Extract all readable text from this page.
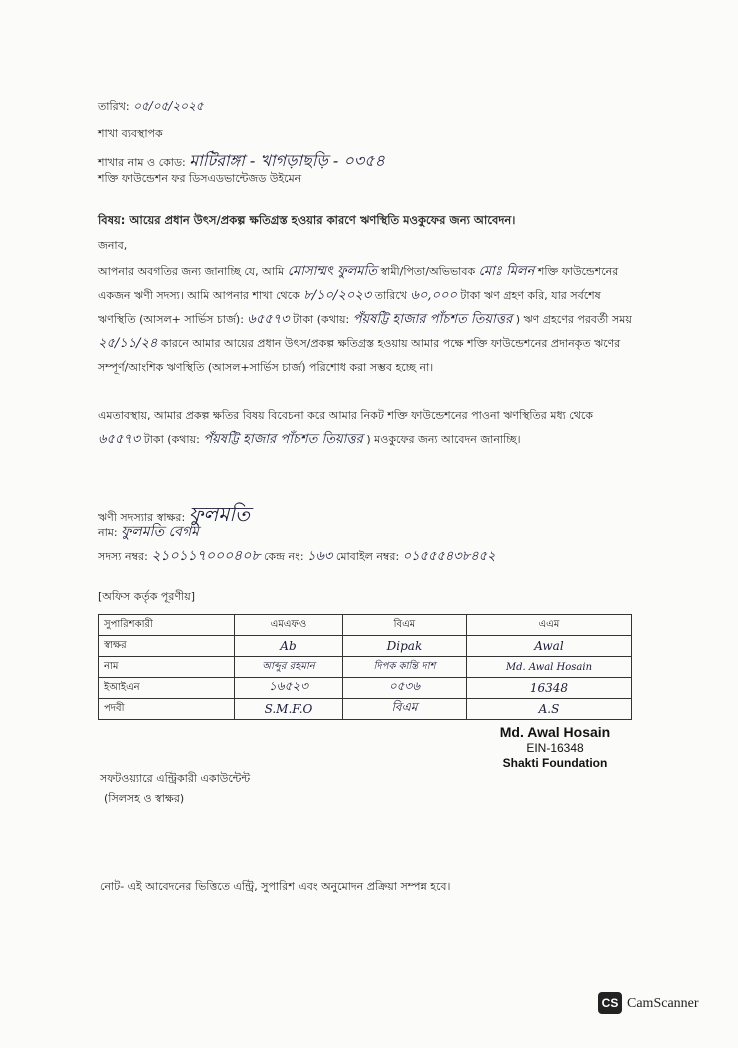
তারিখ: ০৫/০৫/২০২৫
শাখা ব্যবস্থাপক
শাখার নাম ও কোড: মাটিরাঙ্গা - খাগড়াছড়ি - ০৩৫৪
শক্তি ফাউন্ডেশন ফর ডিসএডভান্টেজড উইমেন
বিষয়: আয়ের প্রধান উৎস/প্রকল্প ক্ষতিগ্রস্ত হওয়ার কারণে ঋণস্থিতি মওকুফের জন্য আবেদন।
জনাব,
আপনার অবগতির জন্য জানাচ্ছি যে, আমি মোসাম্মৎ ফুলমতি স্বামী/পিতা/অভিভাবক মোঃ মিলন শক্তি ফাউন্ডেশনের একজন ঋণী সদস্য। আমি আপনার শাখা থেকে ৮/১০/২০২৩ তারিখে ৬০,০০০ টাকা ঋণ গ্রহণ করি, যার সর্বশেষ ঋণস্থিতি (আসল+ সার্ভিস চার্জ): ৬৫৫৭৩ টাকা (কথায়: পঁয়ষট্টি হাজার পাঁচশত তিয়াত্তর ) ঋণ গ্রহণের পরবর্তী সময় ২৫/১১/২৪ কারনে আমার আয়ের প্রধান উৎস/প্রকল্প ক্ষতিগ্রস্ত হওয়ায় আমার পক্ষে শক্তি ফাউন্ডেশনের প্রদানকৃত ঋণের সম্পূর্ণ/আংশিক ঋণস্থিতি (আসল+সার্ভিস চার্জ) পরিশোধ করা সম্ভব হচ্ছে না।
এমতাবস্থায়, আমার প্রকল্প ক্ষতির বিষয় বিবেচনা করে আমার নিকট শক্তি ফাউন্ডেশনের পাওনা ঋণস্থিতির মধ্য থেকে ৬৫৫৭৩ টাকা (কথায়: পঁয়ষট্টি হাজার পাঁচশত তিয়াত্তর ) মওকুফের জন্য আবেদন জানাচ্ছি।
ঋণী সদস্যার স্বাক্ষর: ফুলমতি
নাম: ফুলমতি বেগম
সদস্য নম্বর: ২১০১১৭০০০৪০৮ কেন্দ্র নং: ১৬৩ মোবাইল নম্বর: ০১৫৫৫৪৩৮৪৫২
[অফিস কর্তৃক পূরণীয়]
সুপারিশকারী	এমএফও	বিএম	এএম
স্বাক্ষর	Ab	Dipak	Awal
নাম	আব্দুর রহমান	দিপক কান্তি দাশ	Md. Awal Hosain
ইআইএন	১৬৫২৩	০৫৩৬	16348
পদবী	S.M.F.O	বিএম	A.S
Md. Awal Hosain
EIN-16348
Shakti Foundation
সফটওয়্যারে এন্ট্রিকারী একাউন্টেন্ট
(সিলসহ ও স্বাক্ষর)
নোট- এই আবেদনের ভিত্তিতে এন্ট্রি, সুপারিশ এবং অনুমোদন প্রক্রিয়া সম্পন্ন হবে।
CS CamScanner
